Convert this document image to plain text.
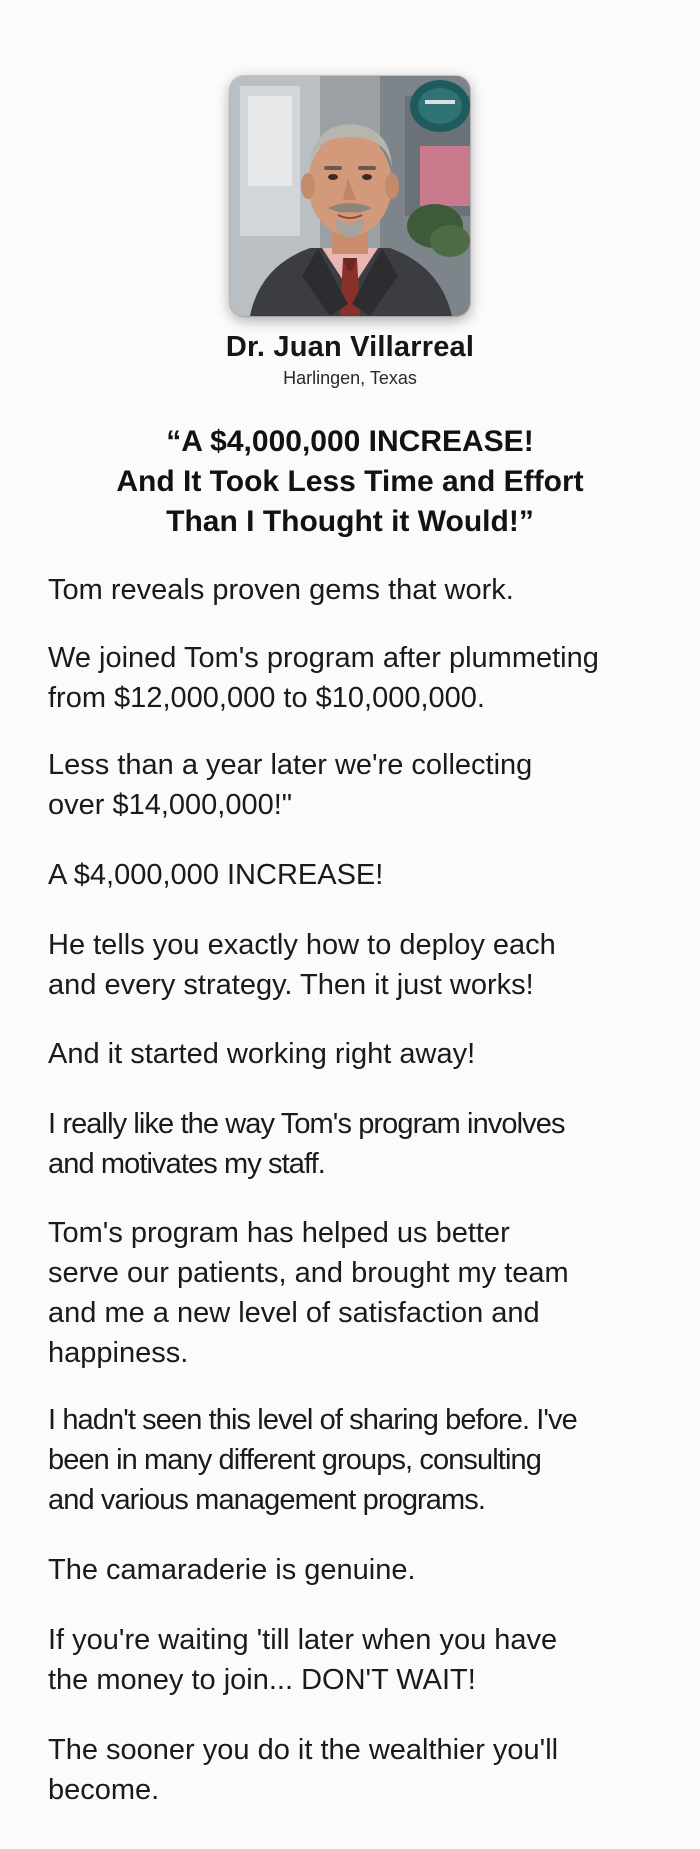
Dr. Juan Villarreal
Harlingen, Texas
“A $4,000,000 INCREASE!
And It Took Less Time and Effort
Than I Thought it Would!”
Tom reveals proven gems that work.
We joined Tom's program after plummeting
from $12,000,000 to $10,000,000.
Less than a year later we're collecting
over $14,000,000!"
A $4,000,000 INCREASE!
He tells you exactly how to deploy each
and every strategy. Then it just works!
And it started working right away!
I really like the way Tom's program involves
and motivates my staff.
Tom's program has helped us better
serve our patients, and brought my team
and me a new level of satisfaction and
happiness.
I hadn't seen this level of sharing before. I've
been in many different groups, consulting
and various management programs.
The camaraderie is genuine.
If you're waiting 'till later when you have
the money to join... DON'T WAIT!
The sooner you do it the wealthier you'll
become.
